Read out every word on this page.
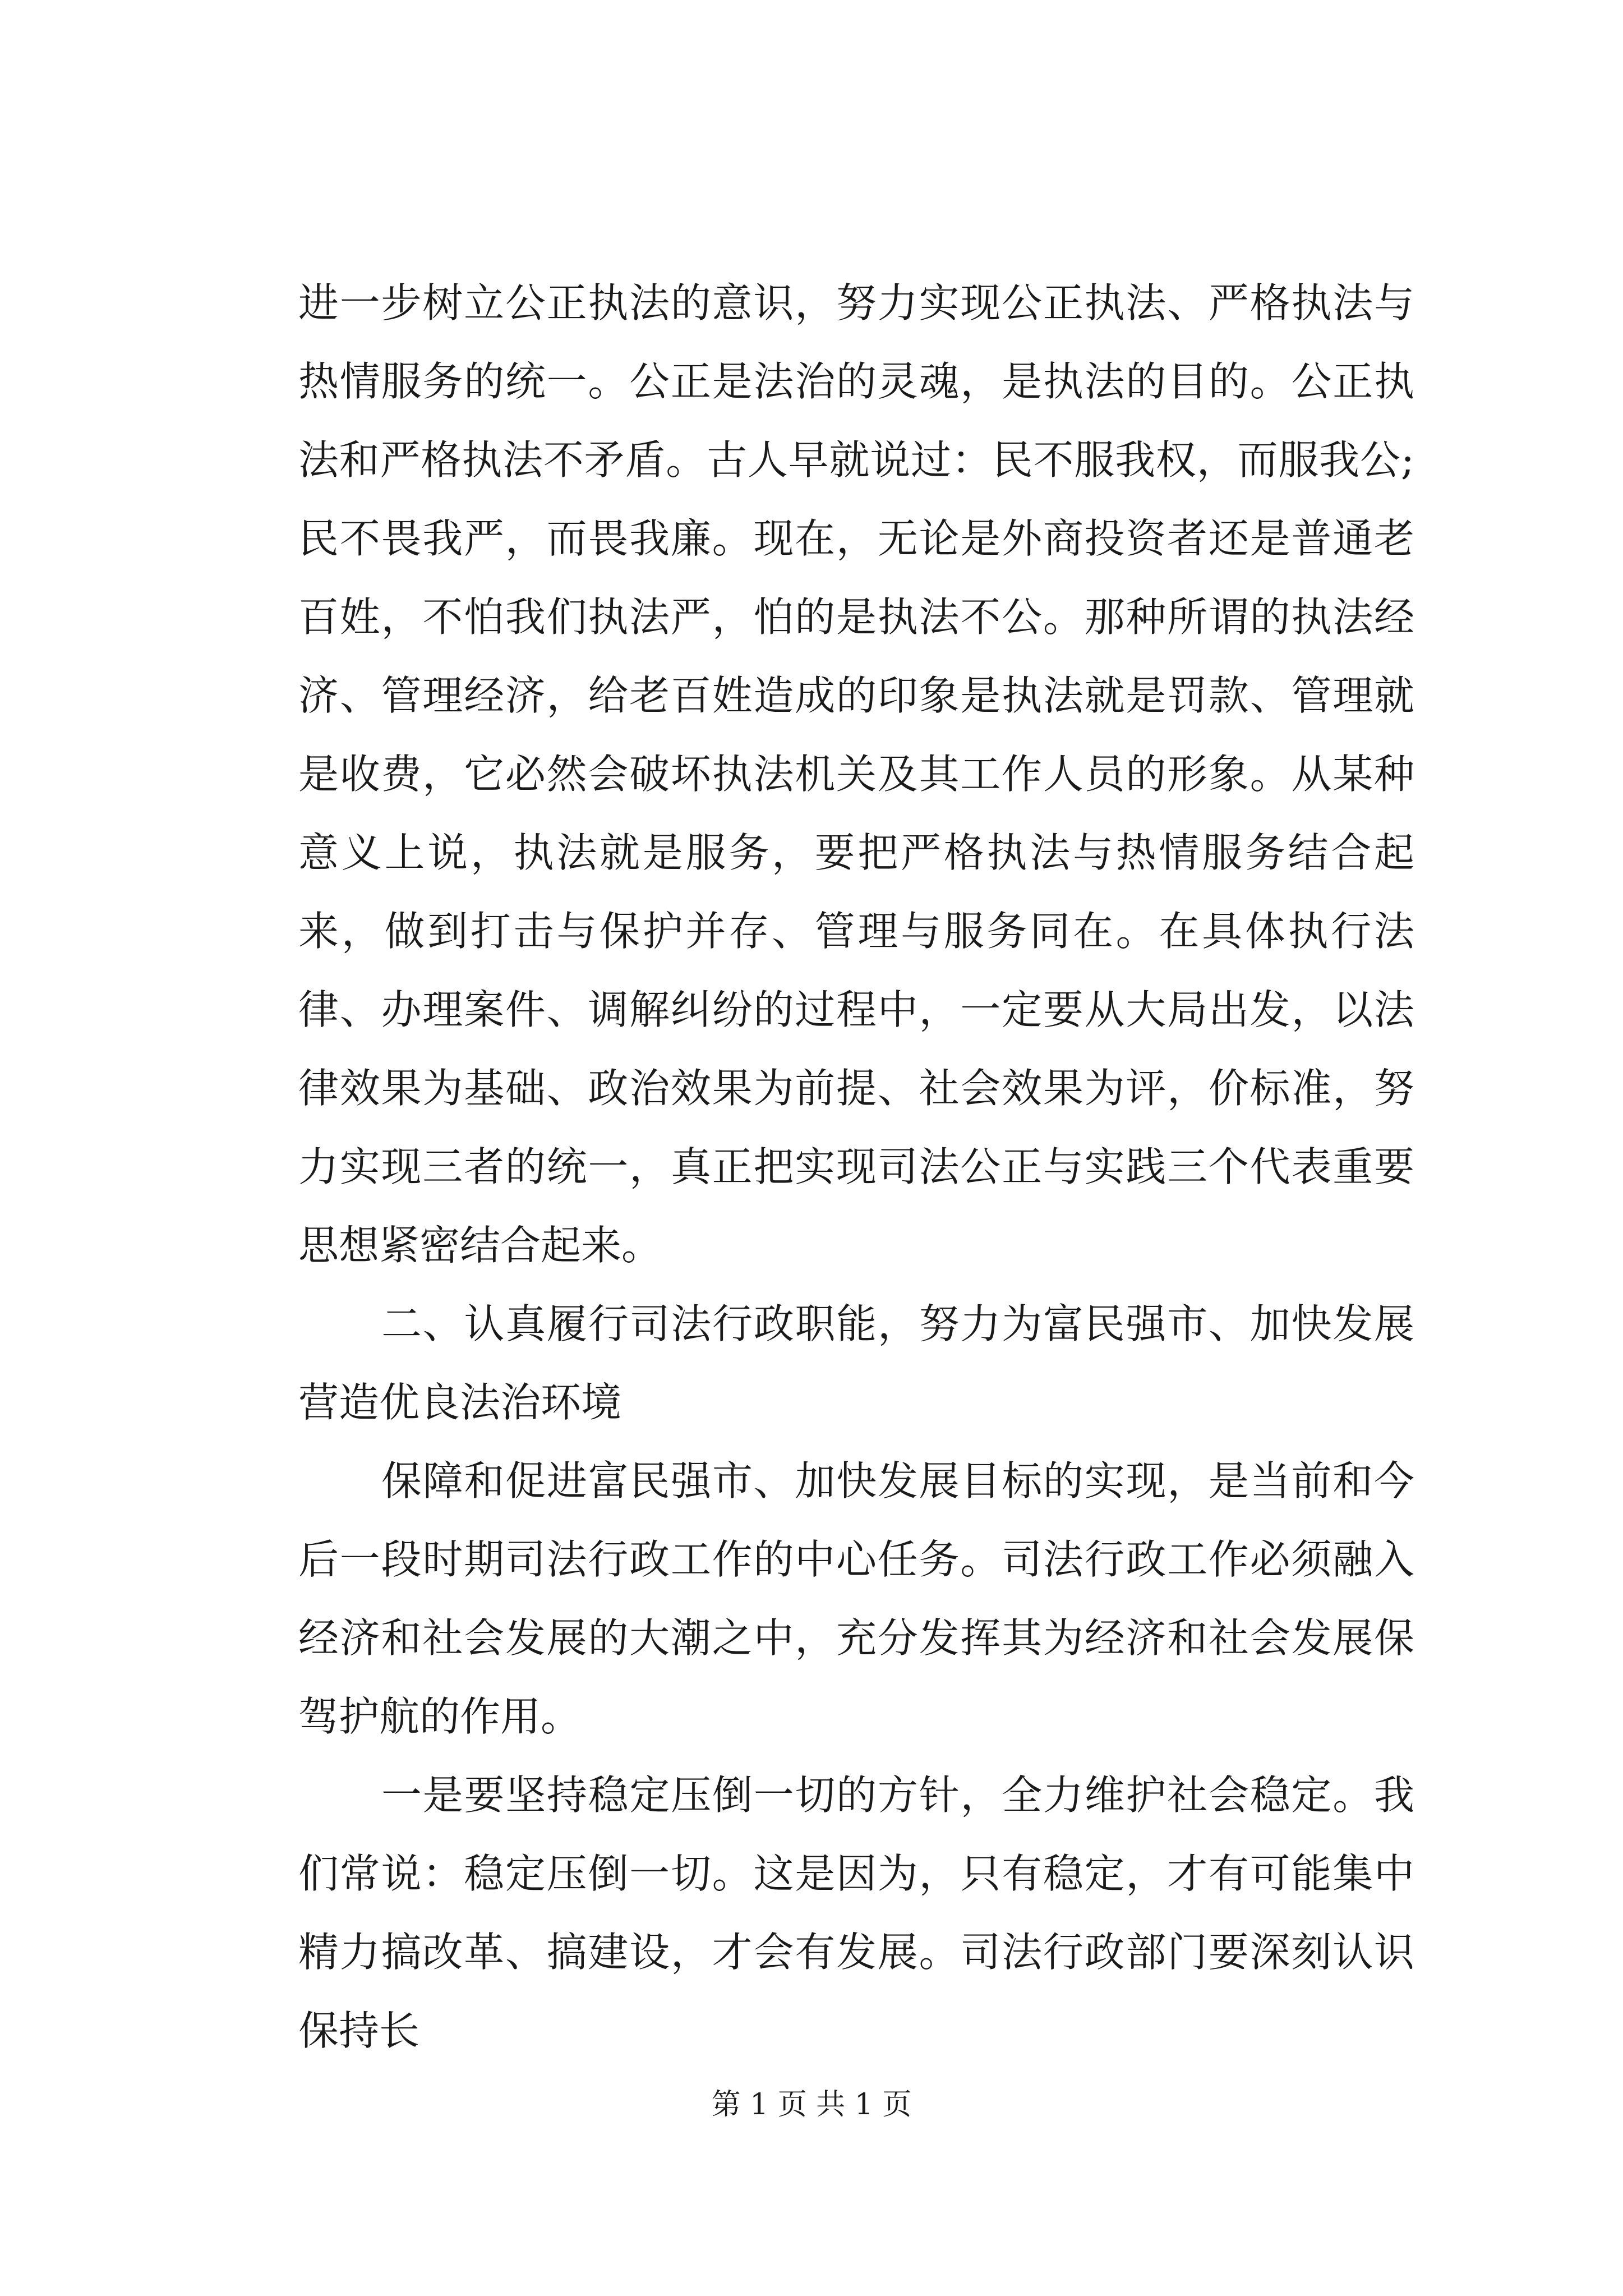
进一步树立公正执法的意识，努力实现公正执法、严格执法与热情服务的统一。公正是法治的灵魂，是执法的目的。公正执法和严格执法不矛盾。古人早就说过：民不服我权，而服我公;民不畏我严，而畏我廉。现在，无论是外商投资者还是普通老百姓，不怕我们执法严，怕的是执法不公。那种所谓的执法经济、管理经济，给老百姓造成的印象是执法就是罚款、管理就是收费，它必然会破坏执法机关及其工作人员的形象。从某种意义上说，执法就是服务，要把严格执法与热情服务结合起来，做到打击与保护并存、管理与服务同在。在具体执行法律、办理案件、调解纠纷的过程中，一定要从大局出发，以法律效果为基础、政治效果为前提、社会效果为评，价标准，努力实现三者的统一，真正把实现司法公正与实践三个代表重要思想紧密结合起来。

二、认真履行司法行政职能，努力为富民强市、加快发展营造优良法治环境

保障和促进富民强市、加快发展目标的实现，是当前和今后一段时期司法行政工作的中心任务。司法行政工作必须融入经济和社会发展的大潮之中，充分发挥其为经济和社会发展保驾护航的作用。

一是要坚持稳定压倒一切的方针，全力维护社会稳定。我们常说：稳定压倒一切。这是因为，只有稳定，才有可能集中精力搞改革、搞建设，才会有发展。司法行政部门要深刻认识保持长

第 1 页 共 1 页
